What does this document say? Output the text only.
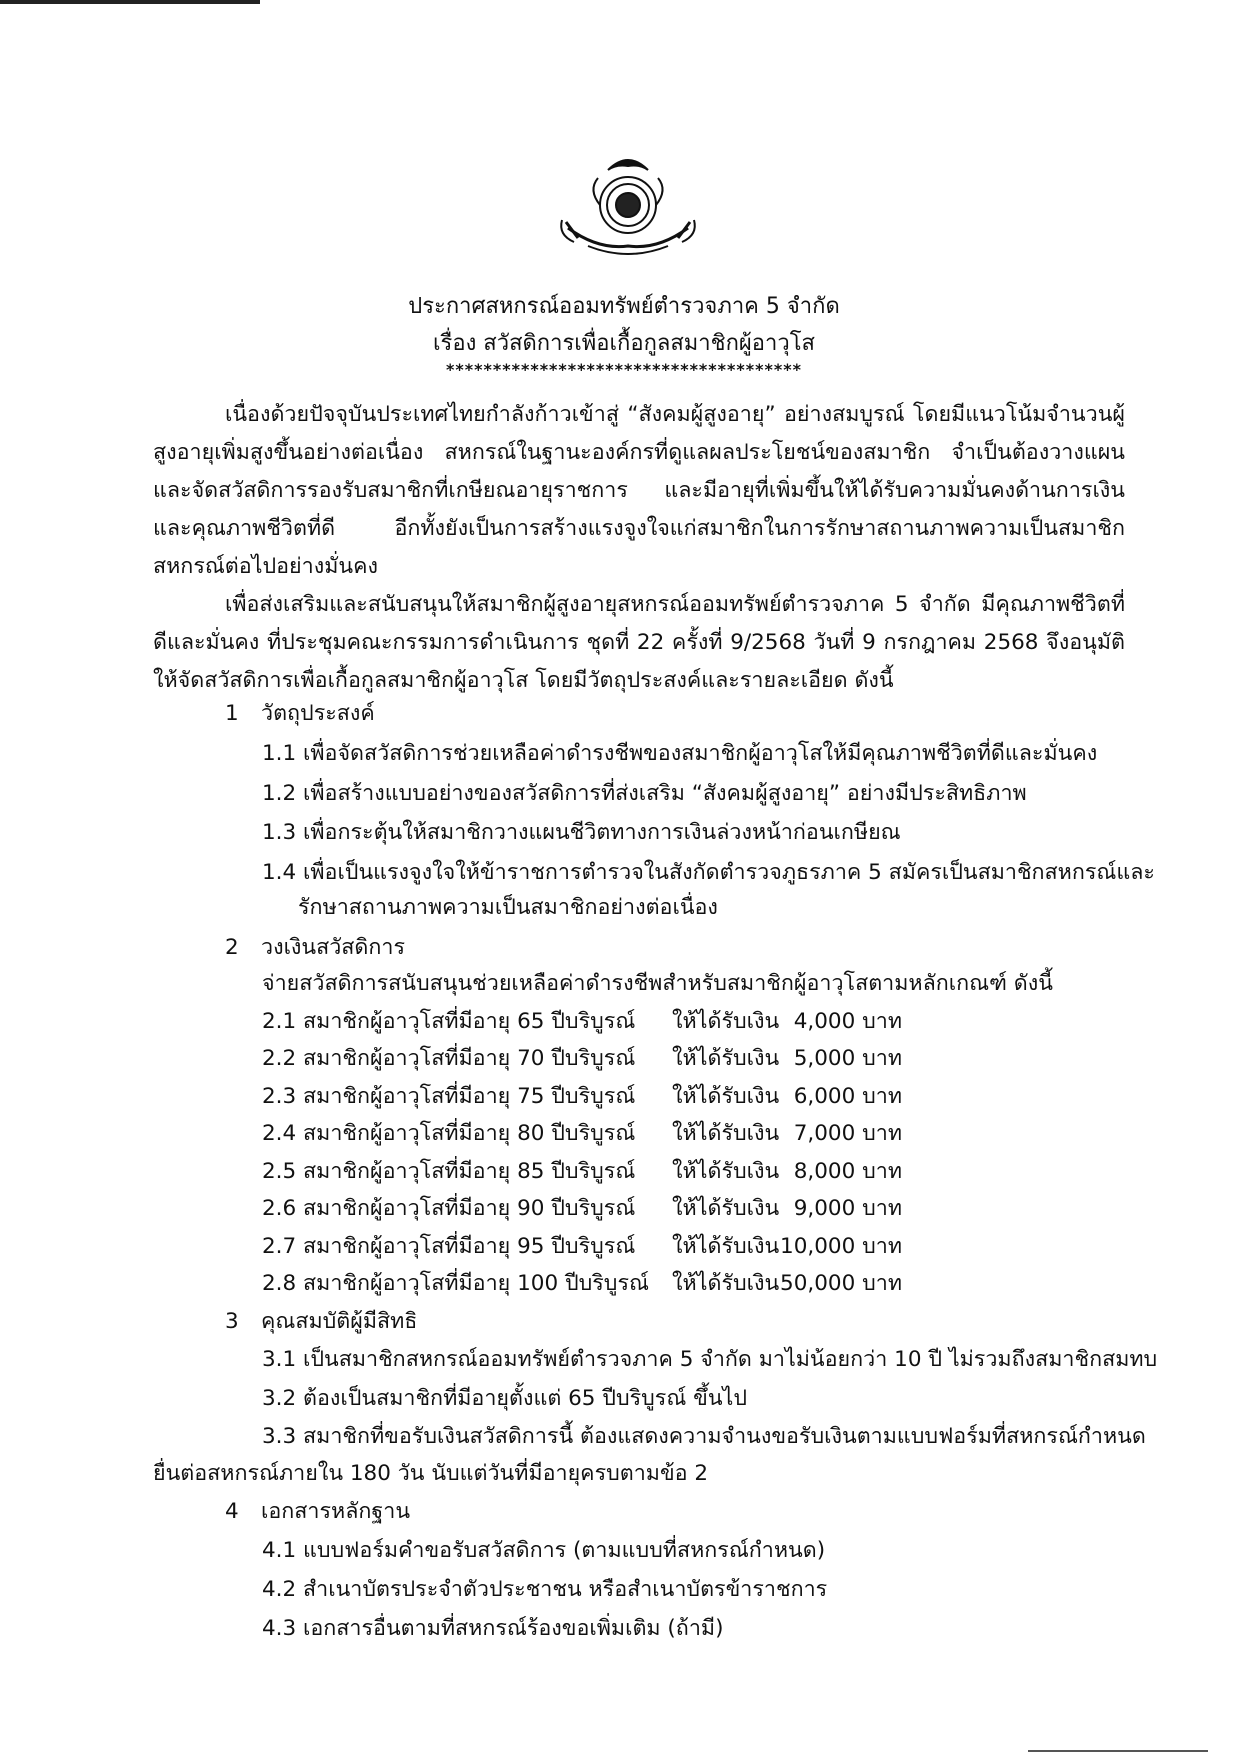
ประกาศสหกรณ์ออมทรัพย์ตำรวจภาค 5 จำกัด
เรื่อง สวัสดิการเพื่อเกื้อกูลสมาชิกผู้อาวุโส
**************************************

เนื่องด้วยปัจจุบันประเทศไทยกำลังก้าวเข้าสู่ “สังคมผู้สูงอายุ” อย่างสมบูรณ์ โดยมีแนวโน้มจำนวนผู้สูงอายุเพิ่มสูงขึ้นอย่างต่อเนื่อง สหกรณ์ในฐานะองค์กรที่ดูแลผลประโยชน์ของสมาชิก จำเป็นต้องวางแผนและจัดสวัสดิการรองรับสมาชิกที่เกษียณอายุราชการ และมีอายุที่เพิ่มขึ้นให้ได้รับความมั่นคงด้านการเงินและคุณภาพชีวิตที่ดี อีกทั้งยังเป็นการสร้างแรงจูงใจแก่สมาชิกในการรักษาสถานภาพความเป็นสมาชิกสหกรณ์ต่อไปอย่างมั่นคง

เพื่อส่งเสริมและสนับสนุนให้สมาชิกผู้สูงอายุสหกรณ์ออมทรัพย์ตำรวจภาค 5 จำกัด มีคุณภาพชีวิตที่ดีและมั่นคง ที่ประชุมคณะกรรมการดำเนินการ ชุดที่ 22 ครั้งที่ 9/2568 วันที่ 9 กรกฎาคม 2568 จึงอนุมัติให้จัดสวัสดิการเพื่อเกื้อกูลสมาชิกผู้อาวุโส โดยมีวัตถุประสงค์และรายละเอียด ดังนี้

1 วัตถุประสงค์
1.1 เพื่อจัดสวัสดิการช่วยเหลือค่าดำรงชีพของสมาชิกผู้อาวุโสให้มีคุณภาพชีวิตที่ดีและมั่นคง
1.2 เพื่อสร้างแบบอย่างของสวัสดิการที่ส่งเสริม “สังคมผู้สูงอายุ” อย่างมีประสิทธิภาพ
1.3 เพื่อกระตุ้นให้สมาชิกวางแผนชีวิตทางการเงินล่วงหน้าก่อนเกษียณ
1.4 เพื่อเป็นแรงจูงใจให้ข้าราชการตำรวจในสังกัดตำรวจภูธรภาค 5 สมัครเป็นสมาชิกสหกรณ์และ
รักษาสถานภาพความเป็นสมาชิกอย่างต่อเนื่อง
2 วงเงินสวัสดิการ
จ่ายสวัสดิการสนับสนุนช่วยเหลือค่าดำรงชีพสำหรับสมาชิกผู้อาวุโสตามหลักเกณฑ์ ดังนี้
2.1 สมาชิกผู้อาวุโสที่มีอายุ 65 ปีบริบูรณ์ ให้ได้รับเงิน 4,000 บาท
2.2 สมาชิกผู้อาวุโสที่มีอายุ 70 ปีบริบูรณ์ ให้ได้รับเงิน 5,000 บาท
2.3 สมาชิกผู้อาวุโสที่มีอายุ 75 ปีบริบูรณ์ ให้ได้รับเงิน 6,000 บาท
2.4 สมาชิกผู้อาวุโสที่มีอายุ 80 ปีบริบูรณ์ ให้ได้รับเงิน 7,000 บาท
2.5 สมาชิกผู้อาวุโสที่มีอายุ 85 ปีบริบูรณ์ ให้ได้รับเงิน 8,000 บาท
2.6 สมาชิกผู้อาวุโสที่มีอายุ 90 ปีบริบูรณ์ ให้ได้รับเงิน 9,000 บาท
2.7 สมาชิกผู้อาวุโสที่มีอายุ 95 ปีบริบูรณ์ ให้ได้รับเงิน 10,000 บาท
2.8 สมาชิกผู้อาวุโสที่มีอายุ 100 ปีบริบูรณ์ ให้ได้รับเงิน 50,000 บาท
3 คุณสมบัติผู้มีสิทธิ
3.1 เป็นสมาชิกสหกรณ์ออมทรัพย์ตำรวจภาค 5 จำกัด มาไม่น้อยกว่า 10 ปี ไม่รวมถึงสมาชิกสมทบ
3.2 ต้องเป็นสมาชิกที่มีอายุตั้งแต่ 65 ปีบริบูรณ์ ขึ้นไป
3.3 สมาชิกที่ขอรับเงินสวัสดิการนี้ ต้องแสดงความจำนงขอรับเงินตามแบบฟอร์มที่สหกรณ์กำหนด
ยื่นต่อสหกรณ์ภายใน 180 วัน นับแต่วันที่มีอายุครบตามข้อ 2
4 เอกสารหลักฐาน
4.1 แบบฟอร์มคำขอรับสวัสดิการ (ตามแบบที่สหกรณ์กำหนด)
4.2 สำเนาบัตรประจำตัวประชาชน หรือสำเนาบัตรข้าราชการ
4.3 เอกสารอื่นตามที่สหกรณ์ร้องขอเพิ่มเติม (ถ้ามี)
